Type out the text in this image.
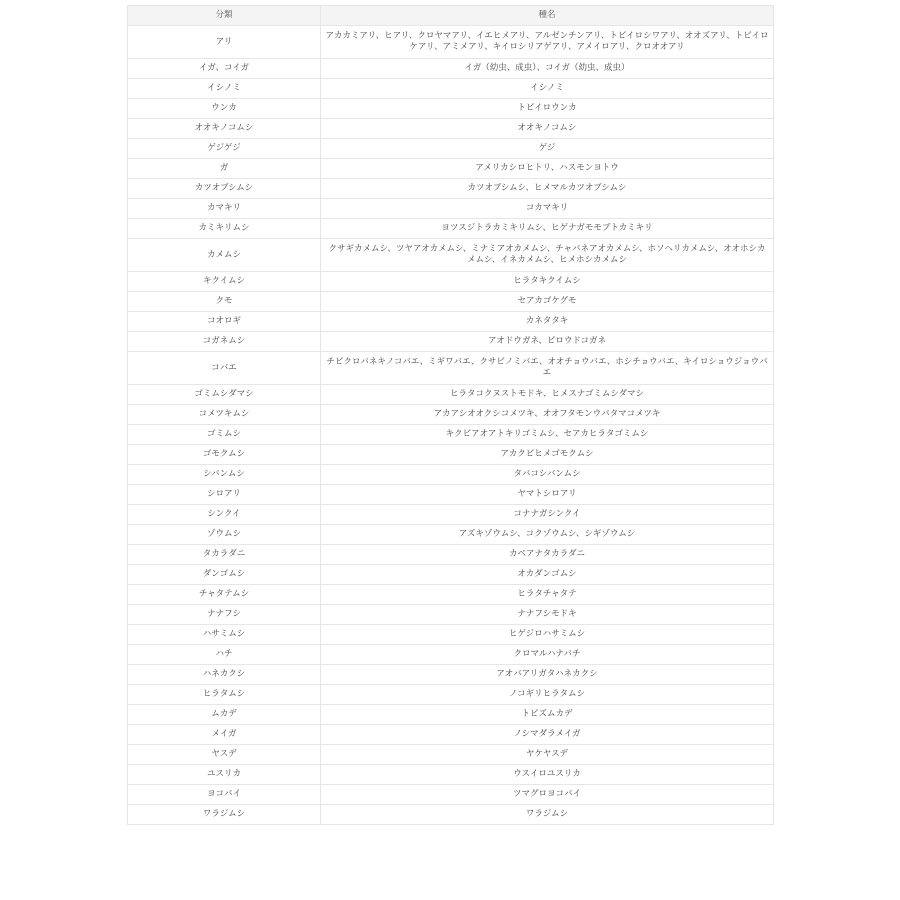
分類	種名
アリ	アカカミアリ、ヒアリ、クロヤマアリ、イエヒメアリ、アルゼンチンアリ、トビイロシワアリ、オオズアリ、トビイロケアリ、アミメアリ、キイロシリアゲアリ、アメイロアリ、クロオオアリ
イガ、コイガ	イガ（幼虫、成虫）、コイガ（幼虫、成虫）
イシノミ	イシノミ
ウンカ	トビイロウンカ
オオキノコムシ	オオキノコムシ
ゲジゲジ	ゲジ
ガ	アメリカシロヒトリ、ハスモンヨトウ
カツオブシムシ	カツオブシムシ、ヒメマルカツオブシムシ
カマキリ	コカマキリ
カミキリムシ	ヨツスジトラカミキリムシ、ヒゲナガモモブトカミキリ
カメムシ	クサギカメムシ、ツヤアオカメムシ、ミナミアオカメムシ、チャバネアオカメムシ、ホソヘリカメムシ、オオホシカメムシ、イネカメムシ、ヒメホシカメムシ
キクイムシ	ヒラタキクイムシ
クモ	セアカゴケグモ
コオロギ	カネタタキ
コガネムシ	アオドウガネ、ビロウドコガネ
コバエ	チビクロバネキノコバエ、ミギワバエ、クサビノミバエ、オオチョウバエ、ホシチョウバエ、キイロショウジョウバエ
ゴミムシダマシ	ヒラタコクヌストモドキ、ヒメスナゴミムシダマシ
コメツキムシ	アカアシオオクシコメツキ、オオフタモンウバタマコメツキ
ゴミムシ	キクビアオアトキリゴミムシ、セアカヒラタゴミムシ
ゴモクムシ	アカクビヒメゴモクムシ
シバンムシ	タバコシバンムシ
シロアリ	ヤマトシロアリ
シンクイ	コナナガシンクイ
ゾウムシ	アズキゾウムシ、コクゾウムシ、シギゾウムシ
タカラダニ	カベアナタカラダニ
ダンゴムシ	オカダンゴムシ
チャタテムシ	ヒラタチャタテ
ナナフシ	ナナフシモドキ
ハサミムシ	ヒゲジロハサミムシ
ハチ	クロマルハナバチ
ハネカクシ	アオバアリガタハネカクシ
ヒラタムシ	ノコギリヒラタムシ
ムカデ	トビズムカデ
メイガ	ノシマダラメイガ
ヤスデ	ヤケヤスデ
ユスリカ	ウスイロユスリカ
ヨコバイ	ツマグロヨコバイ
ワラジムシ	ワラジムシ
